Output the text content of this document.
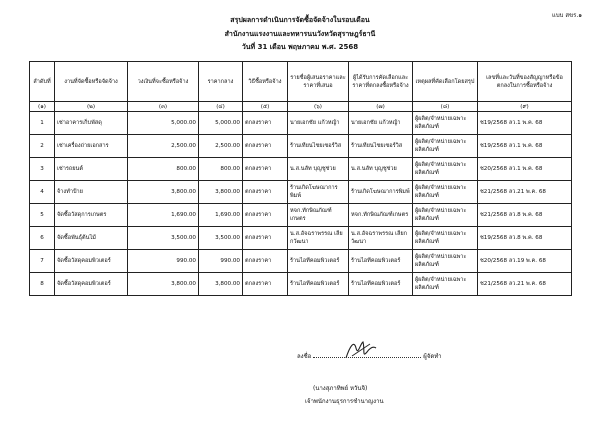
แบบ สขร.๑
สรุปผลการดำเนินการจัดซื้อจัดจ้างในรอบเดือน
สำนักงานแรงงานและทหารนนวังหวัดสุราษฎร์ธานี
วันที่ 31 เดือน พฤษภาคม พ.ศ. 2568
ลำดับที่	งานที่จัดซื้อหรือจัดจ้าง	วงเงินที่จะซื้อหรือจ้าง	ราคากลาง	วิธีซื้อหรือจ้าง	รายชื่อผู้เสนอราคาและราคาที่เสนอ	ผู้ได้รับการคัดเลือกและราคาที่ตกลงซื้อหรือจ้าง	เหตุผลที่คัดเลือกโดยสรุป	เลขที่และวันที่ของสัญญาหรือข้อตกลงในการซื้อหรือจ้าง
(๑)	(๒)	(๓)	(๔)	(๕)	(๖)	(๗)	(๘)	(๙)
1	เช่าอาคารเก็บพัสดุ	5,000.00	5,000.00	ตกลงราคา	นายเอกชัย แก้วหญ้า	นายเอกชัย แก้วหญ้า	ผู้ผลิต/จำหน่ายเฉพาะผลิตภัณฑ์	ช19/2568 ลว.1 พ.ค. 68
2	เช่าเครื่องถ่ายเอกสาร	2,500.00	2,500.00	ตกลงราคา	ร้านเทียนไชยเซอร์วิส	ร้านเทียนไชยเซอร์วิส	ผู้ผลิต/จำหน่ายเฉพาะผลิตภัณฑ์	ช19/2568 ลว.1 พ.ค. 68
3	เช่ารถยนต์	800.00	800.00	ตกลงราคา	น.ส.นลัท บุญชูช่วย	น.ส.นลัท บุญชูช่วย	ผู้ผลิต/จำหน่ายเฉพาะผลิตภัณฑ์	ช20/2568 ลว.1 พ.ค. 68
4	จ้างทำป้าย	3,800.00	3,800.00	ตกลงราคา	ร้านเกิดโฆษณาการพิมพ์	ร้านเกิดโฆษณาการพิมพ์	ผู้ผลิต/จำหน่ายเฉพาะผลิตภัณฑ์	ช21/2568 ลว.21 พ.ค. 68
5	จัดซื้อวัสดุการเกษตร	1,690.00	1,690.00	ตกลงราคา	หจก.ทักษิณภัณฑ์เกษตร	หจก.ทักษิณภัณฑ์เกษตร	ผู้ผลิต/จำหน่ายเฉพาะผลิตภัณฑ์	ช21/2568 ลว.8 พ.ค. 68
6	จัดซื้อพันธุ์ต้นไม้	3,500.00	3,500.00	ตกลงราคา	น.ส.อัจฉราพรรณ เลียกวัฒนา	น.ส.อัจฉราพรรณ เลียกวัฒนา	ผู้ผลิต/จำหน่ายเฉพาะผลิตภัณฑ์	ช19/2568 ลว.8 พ.ค. 68
7	จัดซื้อวัสดุคอมพิวเตอร์	990.00	990.00	ตกลงราคา	ร้านไอทีคอมพิวเตอร์	ร้านไอทีคอมพิวเตอร์	ผู้ผลิต/จำหน่ายเฉพาะผลิตภัณฑ์	ช20/2568 ลว.19 พ.ค. 68
8	จัดซื้อวัสดุคอมพิวเตอร์	3,800.00	3,800.00	ตกลงราคา	ร้านไอทีคอมพิวเตอร์	ร้านไอทีคอมพิวเตอร์	ผู้ผลิต/จำหน่ายเฉพาะผลิตภัณฑ์	ช21/2568 ลว.21 พ.ค. 68
ลงชื่อ	ผู้จัดทำ
(นางสุภาทิพย์ หวันจิ)
เจ้าพนักงานธุรการชำนาญงาน
